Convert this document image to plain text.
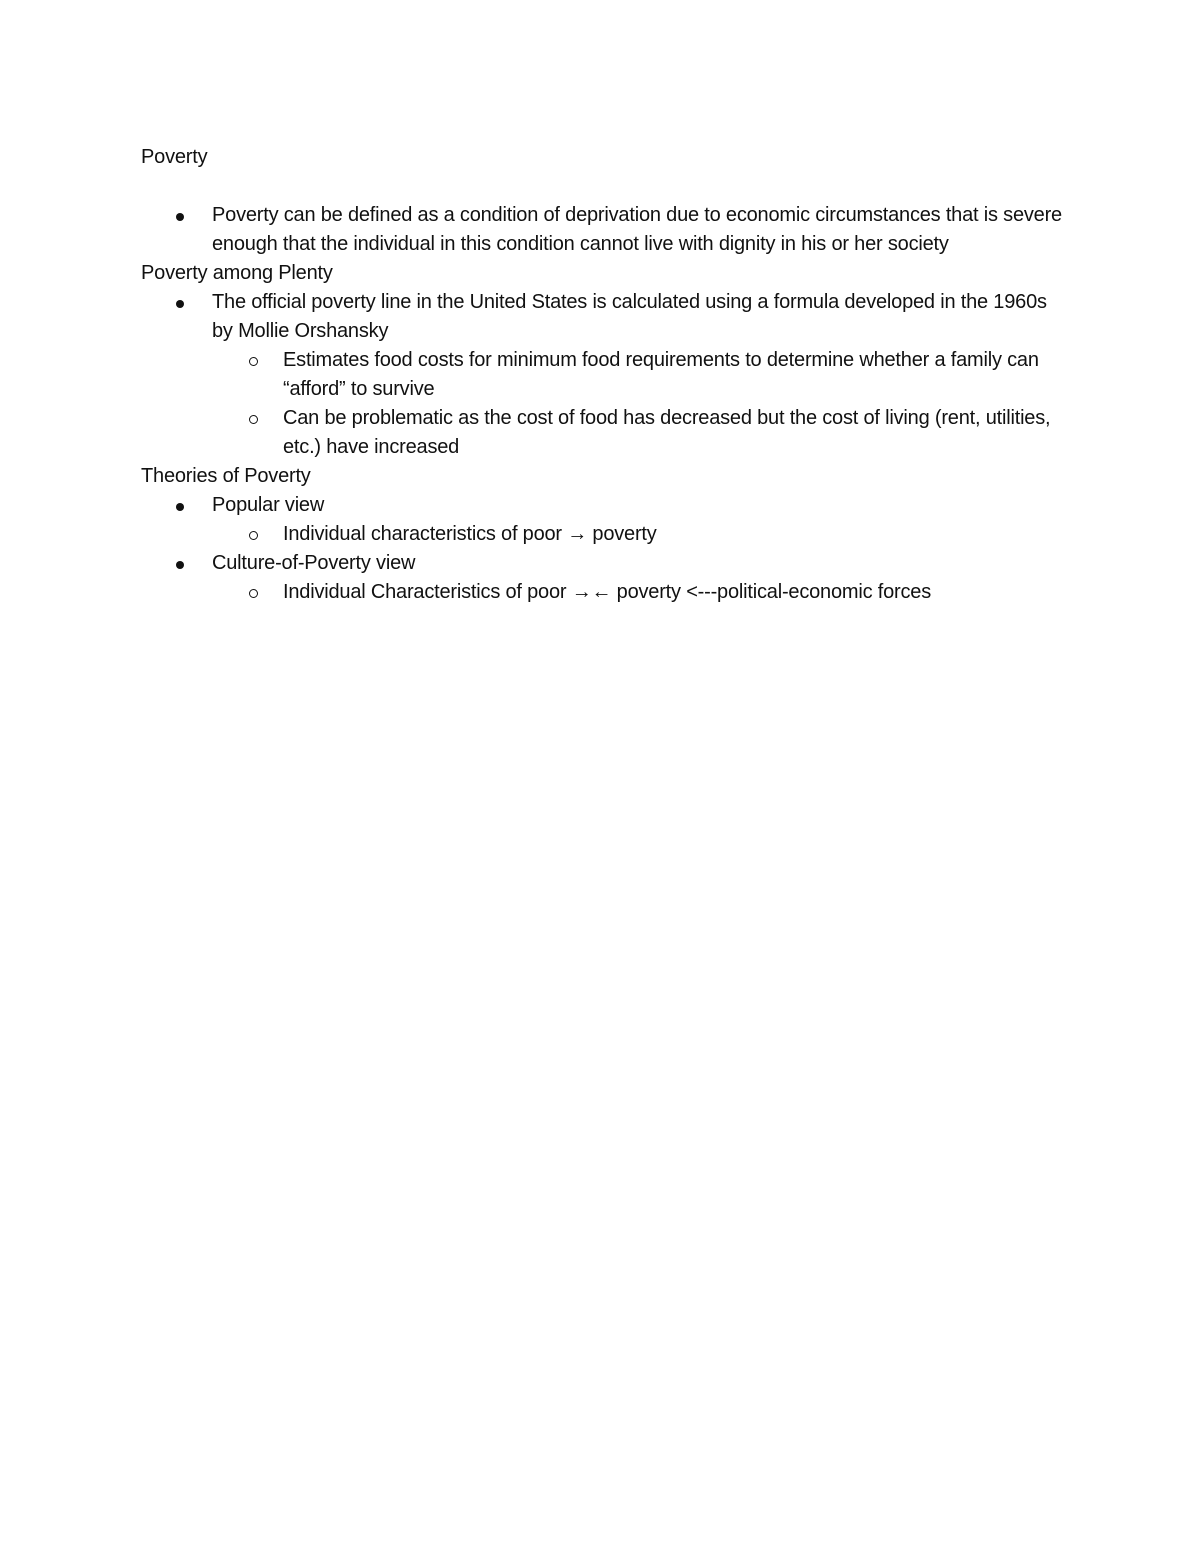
Poverty

Poverty can be defined as a condition of deprivation due to economic circumstances that is severe enough that the individual in this condition cannot live with dignity in his or her society

Poverty among Plenty

The official poverty line in the United States is calculated using a formula developed in the 1960s by Mollie Orshansky
Estimates food costs for minimum food requirements to determine whether a family can “afford” to survive
Can be problematic as the cost of food has decreased but the cost of living (rent, utilities, etc.) have increased

Theories of Poverty

Popular view
Individual characteristics of poor → poverty
Culture-of-Poverty view
Individual Characteristics of poor →← poverty <---political-economic forces
